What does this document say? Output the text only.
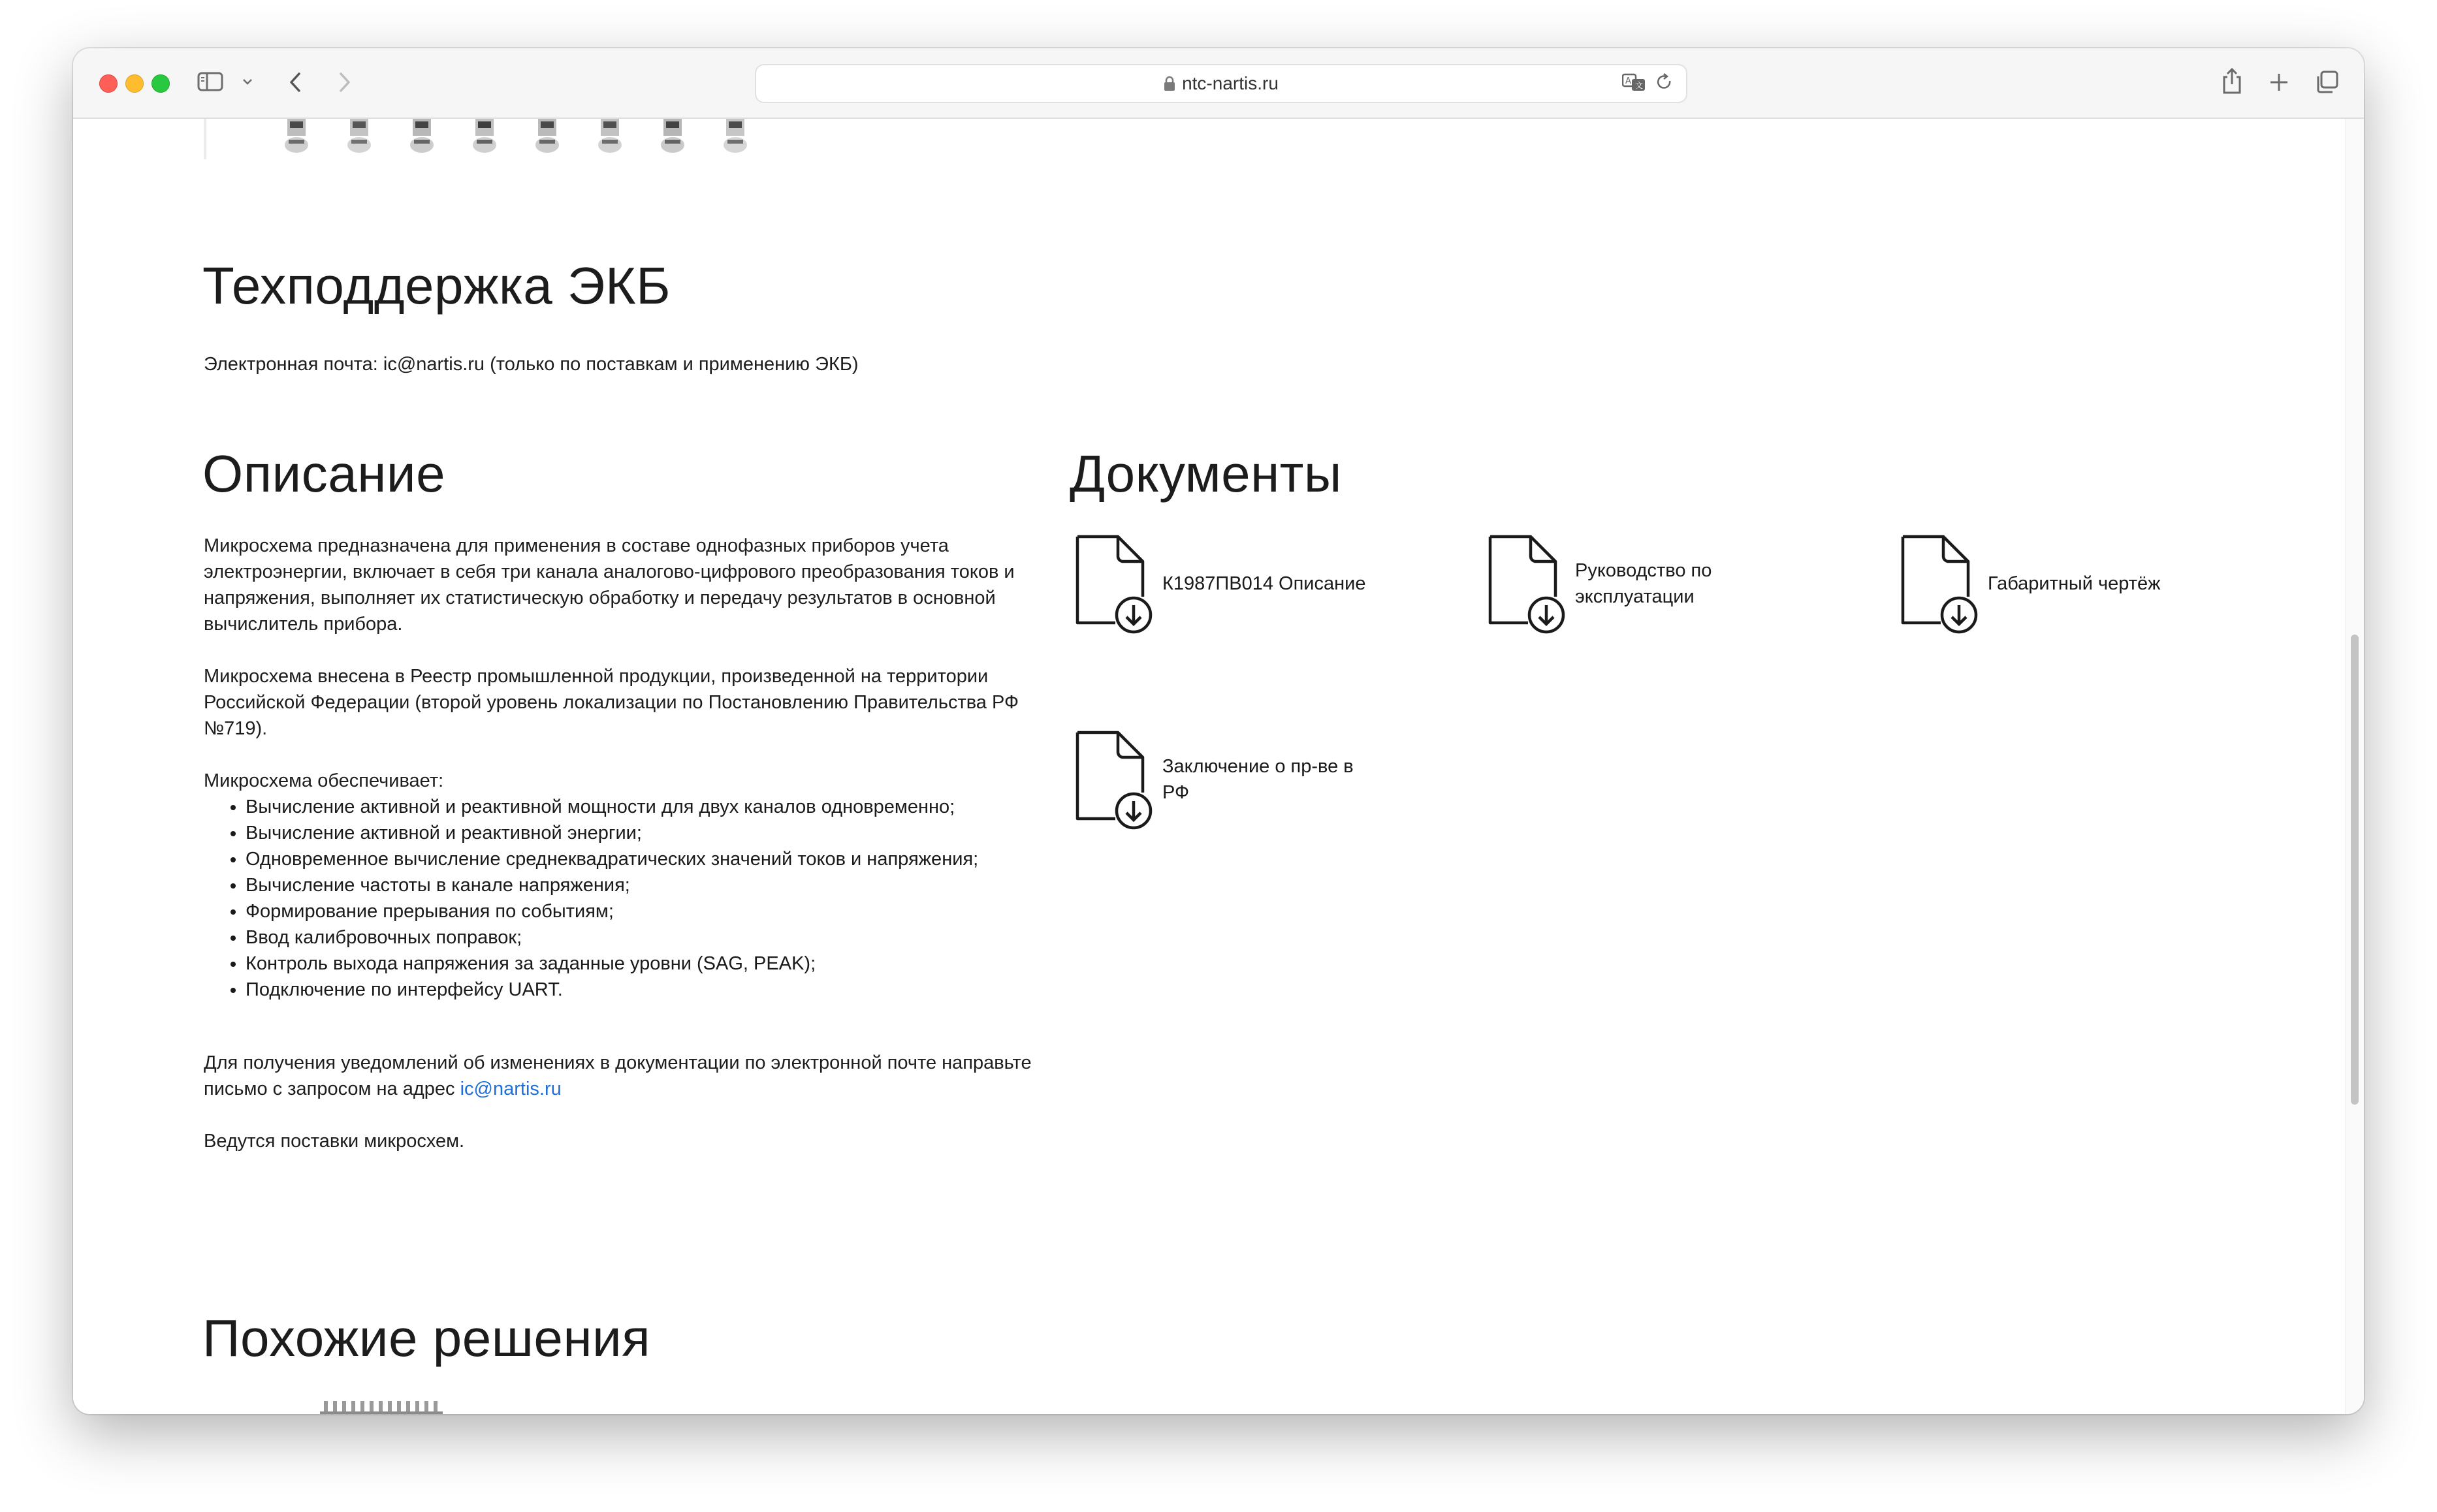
ntc-nartis.ru	A 文
Техподдержка ЭКБ

Электронная почта: ic@nartis.ru (только по поставкам и применению ЭКБ)

Описание

Микросхема предназначена для применения в составе однофазных приборов учета электроэнергии, включает в себя три канала аналогово-цифрового преобразования токов и напряжения, выполняет их статистическую обработку и передачу результатов в основной вычислитель прибора.

Микросхема внесена в Реестр промышленной продукции, произведенной на территории Российской Федерации (второй уровень локализации по Постановлению Правительства РФ №719).

Микросхема обеспечивает:

• Вычисление активной и реактивной мощности для двух каналов одновременно;
• Вычисление активной и реактивной энергии;
• Одновременное вычисление среднеквадратических значений токов и напряжения;
• Вычисление частоты в канале напряжения;
• Формирование прерывания по событиям;
• Ввод калибровочных поправок;
• Контроль выхода напряжения за заданные уровни (SAG, PEAK);
• Подключение по интерфейсу UART.

Для получения уведомлений об изменениях в документации по электронной почте направьте письмо с запросом на адрес ic@nartis.ru

Ведутся поставки микросхем.

Документы
К1987ПВ014 Описание
Руководство по эксплуатации
Габаритный чертёж
Заключение о пр-ве в РФ
Похожие решения
